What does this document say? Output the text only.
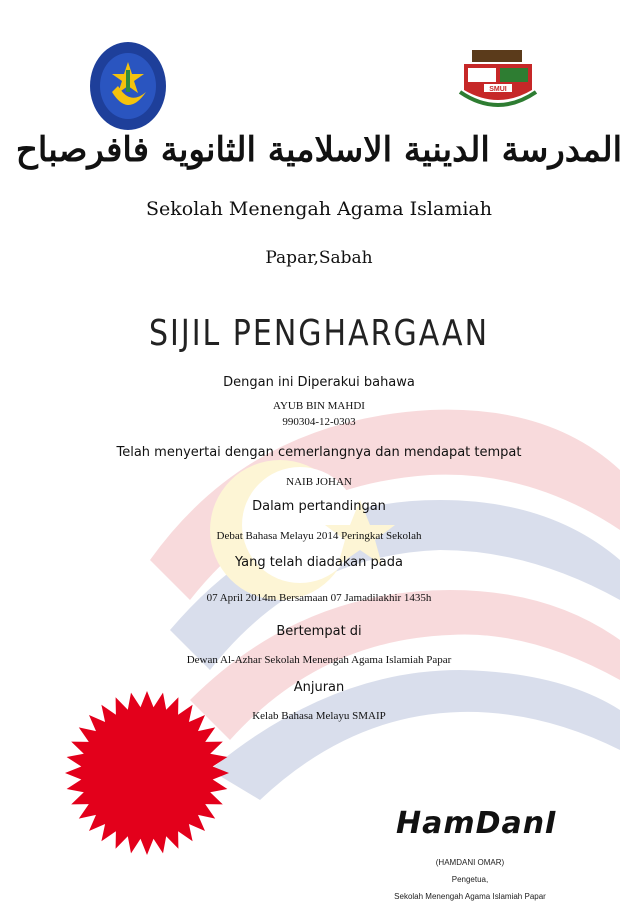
SMUI
المدرسة الدينية الاسلامية الثانوية فافرصباح
Sekolah Menengah Agama Islamiah
Papar,Sabah
SIJIL PENGHARGAAN
Dengan ini Diperakui bahawa
AYUB BIN MAHDI
990304-12-0303
Telah menyertai dengan cemerlangnya dan mendapat tempat
NAIB JOHAN
Dalam pertandingan
Debat Bahasa Melayu 2014 Peringkat Sekolah
Yang telah diadakan pada
07 April 2014m Bersamaan 07 Jamadilakhir 1435h
Bertempat di
Dewan Al-Azhar Sekolah Menengah Agama Islamiah Papar
Anjuran
Kelab Bahasa Melayu SMAIP
HamDanI
(HAMDANI OMAR)
Pengetua,
Sekolah Menengah Agama Islamiah Papar
